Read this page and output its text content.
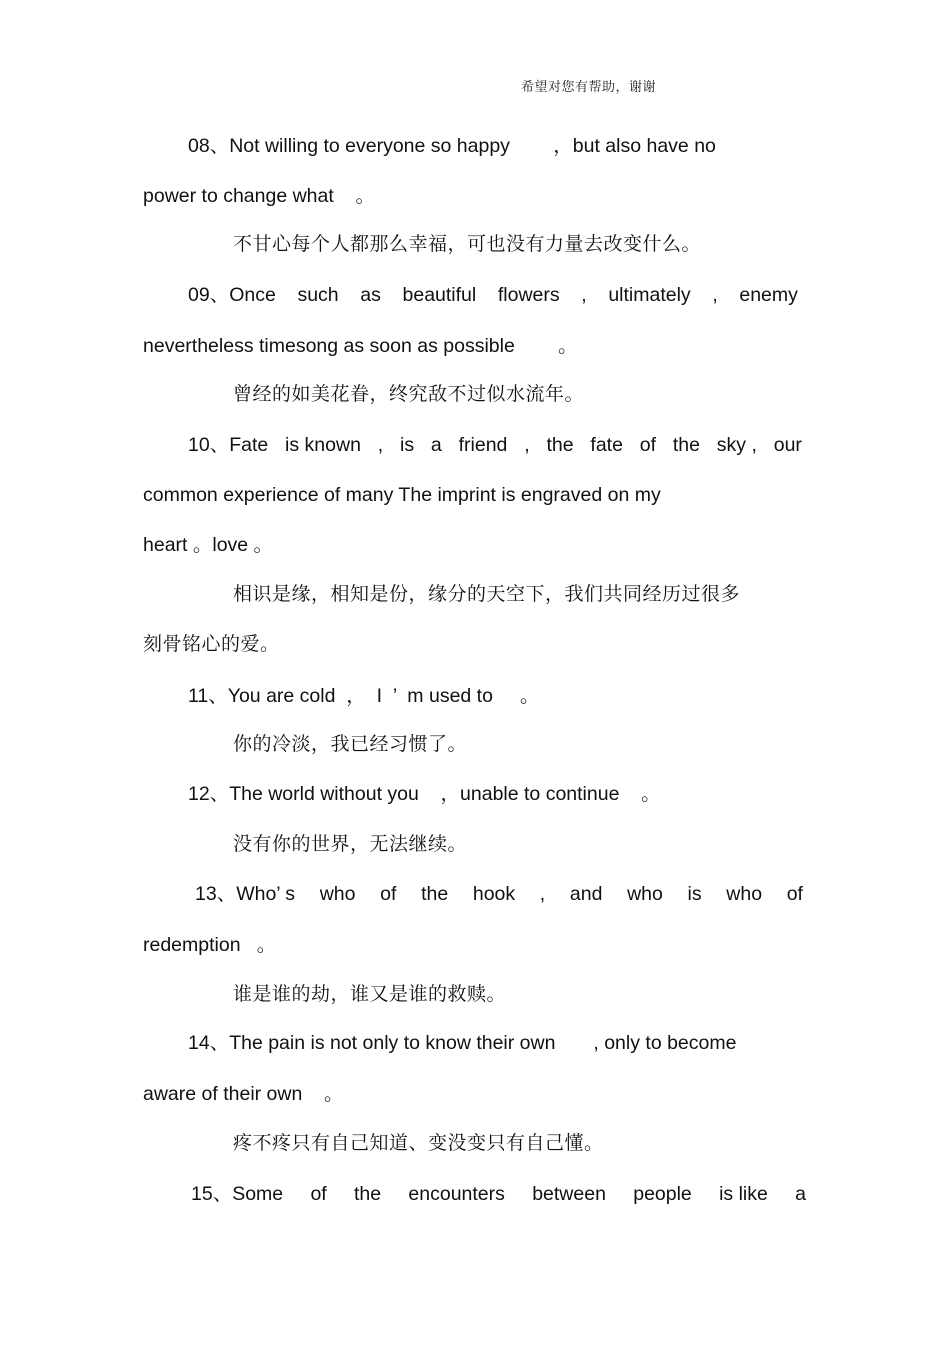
希望对您有帮助，谢谢
08、Not willing to everyone so happy        ，but also have no
power to change what    。
不甘心每个人都那么幸福，可也没有力量去改变什么。
09、Once such as beautiful flowers , ultimately , enemy
nevertheless timesong as soon as possible        。
曾经的如美花眷，终究敌不过似水流年。
10、Fate is known , is a friend , the fate of the sky , our
common experience of many The imprint is engraved on my
heart 。love 。
相识是缘，相知是份，缘分的天空下，我们共同经历过很多
刻骨铭心的爱。
11、You are cold  ，  I  ’  m used to     。
你的冷淡，我已经习惯了。
12、The world without you    ，unable to continue    。
没有你的世界，无法继续。
13、Who’ s who of the hook , and who is who of
redemption   。
谁是谁的劫，谁又是谁的救赎。
14、The pain is not only to know their own       , only to become
aware of their own    。
疼不疼只有自己知道、变没变只有自己懂。
15、Some of the encounters between people is like a
